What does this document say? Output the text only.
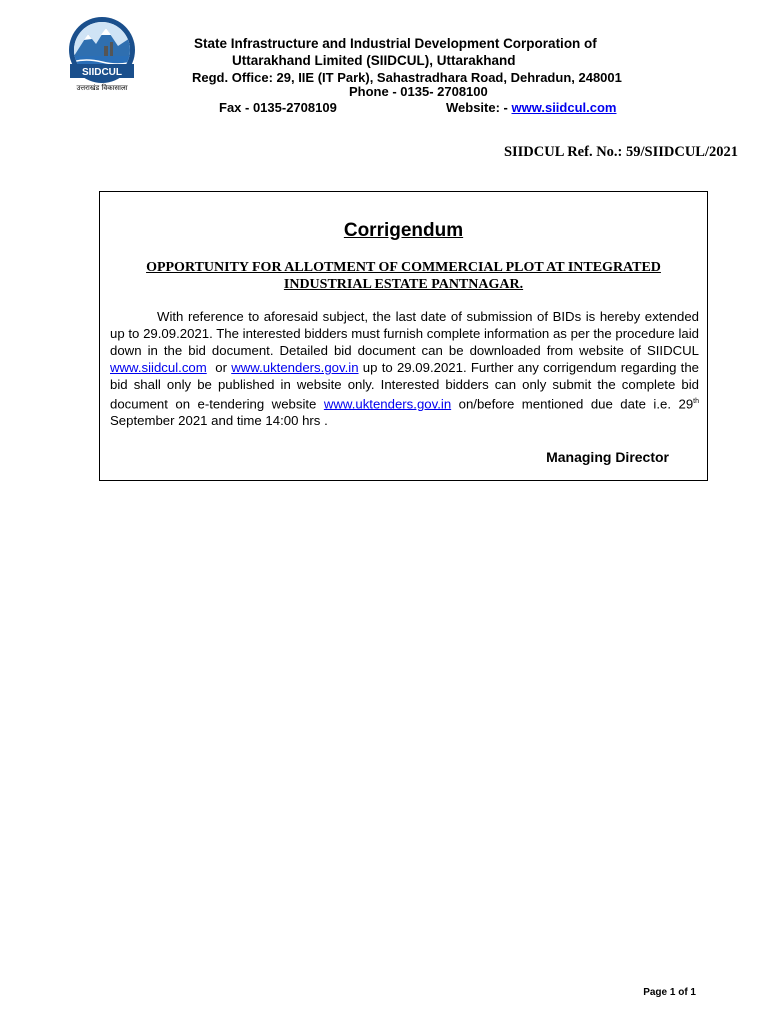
SIIDCUL
उत्तराखंड विकासाला
State Infrastructure and Industrial Development Corporation of
Uttarakhand Limited (SIIDCUL), Uttarakhand
Regd. Office: 29, IIE (IT Park), Sahastradhara Road, Dehradun, 248001
Phone - 0135- 2708100
Fax - 0135-2708109	Website: - www.siidcul.com
SIIDCUL Ref. No.: 59/SIIDCUL/2021
Corrigendum
OPPORTUNITY FOR ALLOTMENT OF COMMERCIAL PLOT AT INTEGRATED
INDUSTRIAL ESTATE PANTNAGAR.

With reference to aforesaid subject, the last date of submission of BIDs is hereby extended up to 29.09.2021. The interested bidders must furnish complete information as per the procedure laid down in the bid document. Detailed bid document can be downloaded from website of SIIDCUL www.siidcul.com  or www.uktenders.gov.in up to 29.09.2021. Further any corrigendum regarding the bid shall only be published in website only. Interested bidders can only submit the complete bid document on e-tendering website www.uktenders.gov.in on/before mentioned due date i.e. 29th September 2021 and time 14:00 hrs .

Managing Director
Page 1 of 1
